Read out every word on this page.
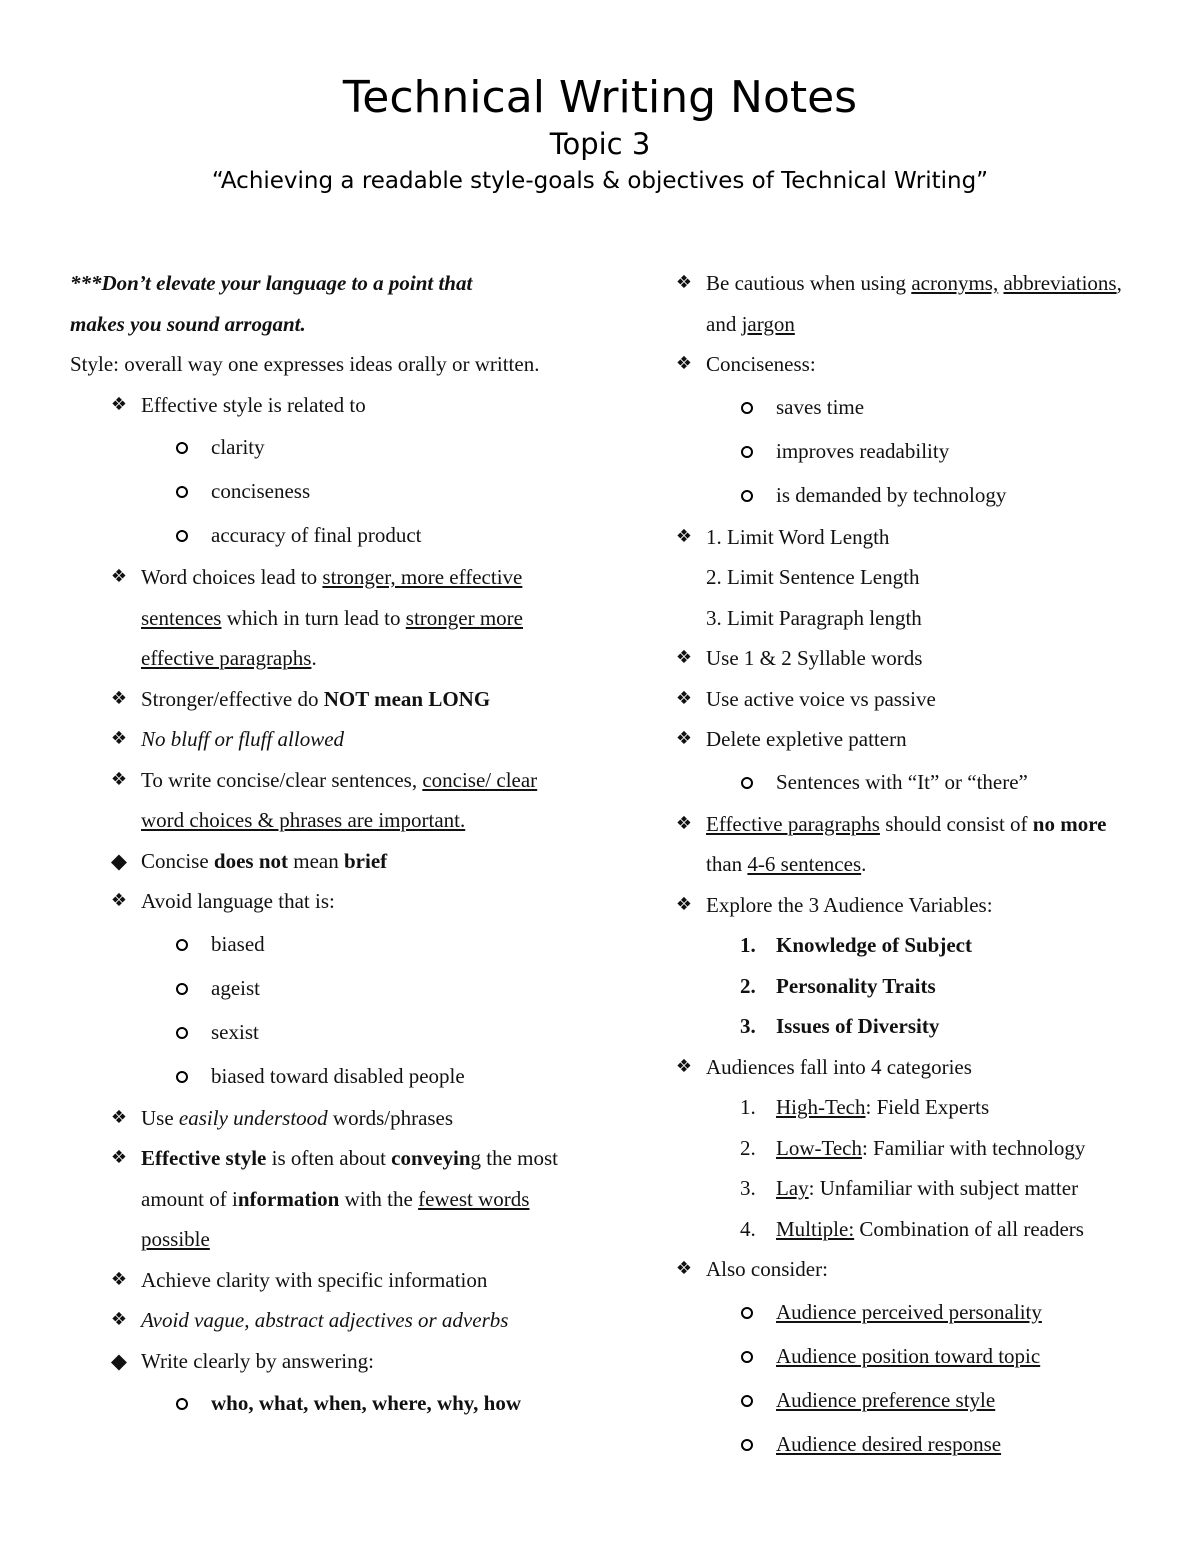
Technical Writing Notes

Topic 3

“Achieving a readable style-goals & objectives of Technical Writing”

***Don’t elevate your language to a point that
makes you sound arrogant.

Style: overall way one expresses ideas orally or written.

❖ Effective style is related to
clarity
conciseness
accuracy of final product
❖ Word choices lead to stronger, more effective sentences which in turn lead to stronger more effective paragraphs.
❖ Stronger/effective do NOT mean LONG
❖ No bluff or fluff allowed
❖ To write concise/clear sentences, concise/ clear word choices & phrases are important.
◆ Concise does not mean brief
❖ Avoid language that is:
biased
ageist
sexist
biased toward disabled people
❖ Use easily understood words/phrases
❖ Effective style is often about conveying the most amount of information with the fewest words possible
❖ Achieve clarity with specific information
❖ Avoid vague, abstract adjectives or adverbs
◆ Write clearly by answering:
who, what, when, where, why, how
❖ Be cautious when using acronyms, abbreviations, and jargon
❖ Conciseness:
saves time
improves readability
is demanded by technology
❖ 1. Limit Word Length
2. Limit Sentence Length
3. Limit Paragraph length
❖ Use 1 & 2 Syllable words
❖ Use active voice vs passive
❖ Delete expletive pattern
Sentences with “It” or “there”
❖ Effective paragraphs should consist of no more than 4-6 sentences.
❖ Explore the 3 Audience Variables:
1. Knowledge of Subject
2. Personality Traits
3. Issues of Diversity
❖ Audiences fall into 4 categories
1. High-Tech: Field Experts
2. Low-Tech: Familiar with technology
3. Lay: Unfamiliar with subject matter
4. Multiple: Combination of all readers
❖ Also consider:
Audience perceived personality
Audience position toward topic
Audience preference style
Audience desired response
